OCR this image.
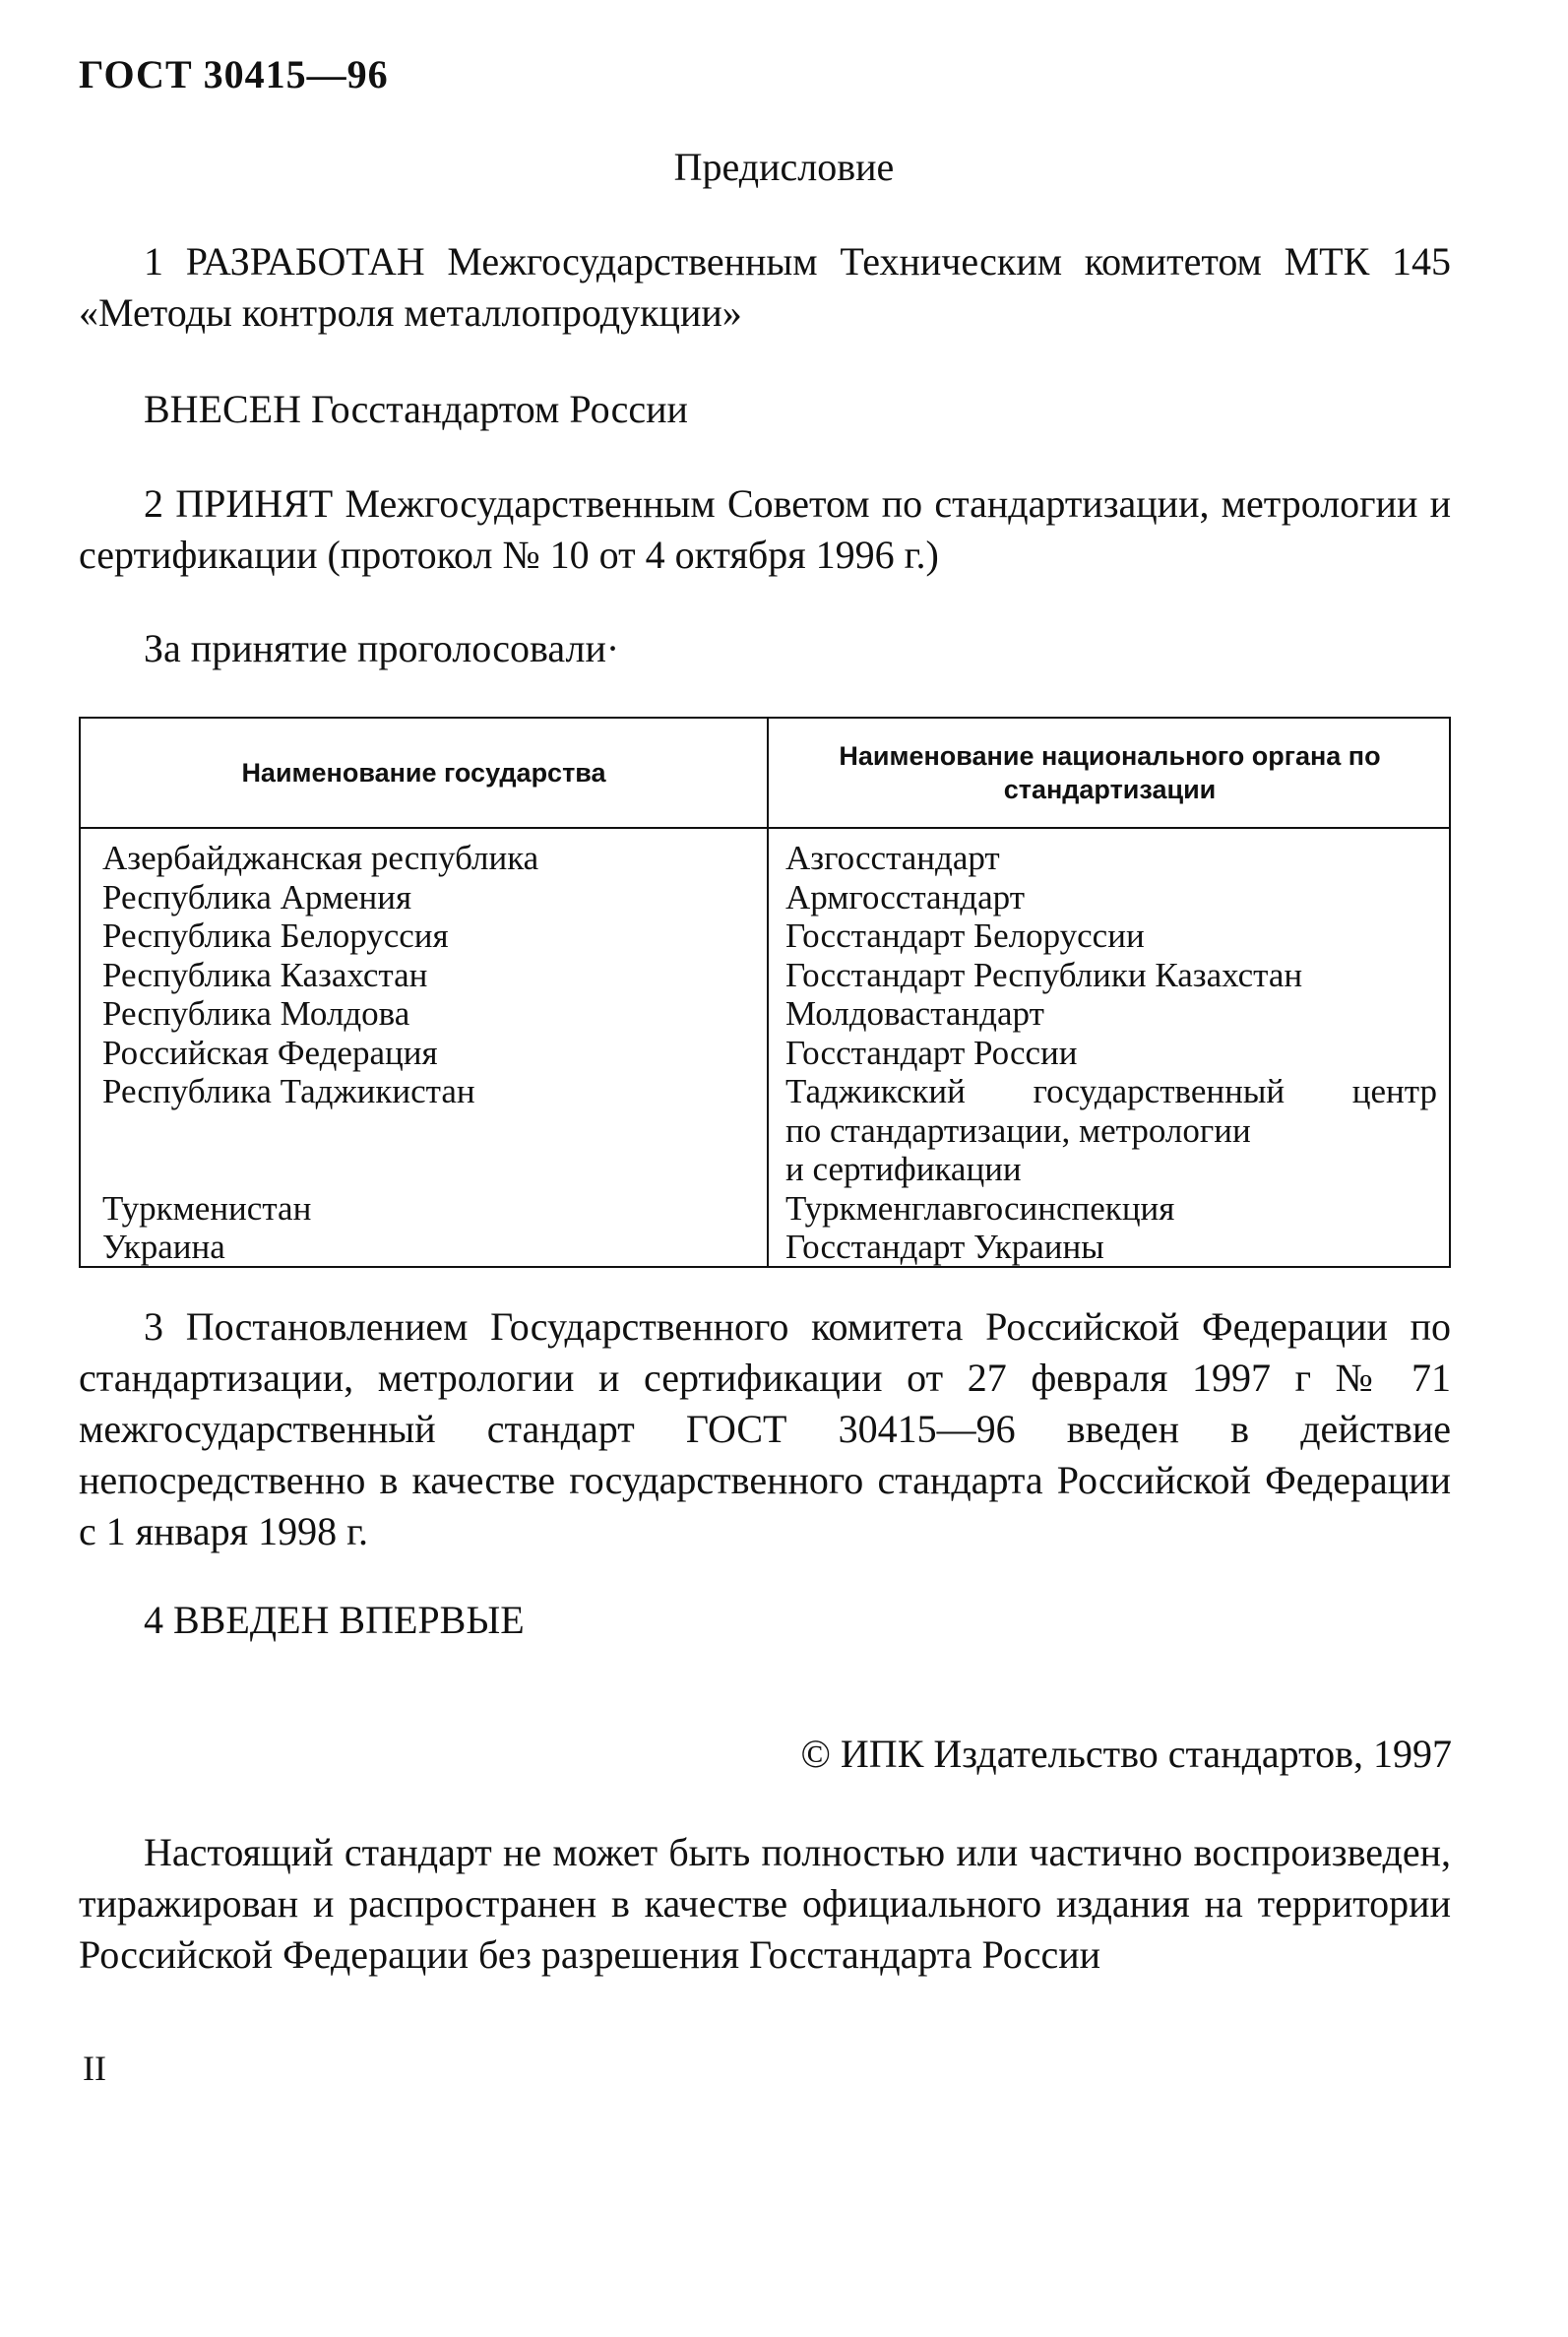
ГОСТ 30415—96
Предисловие

1 РАЗРАБОТАН Межгосударственным Техническим комитетом МТК 145 «Методы контроля металлопродукции»

ВНЕСЕН Госстандартом России

2 ПРИНЯТ Межгосударственным Советом по стандартизации, метрологии и сертификации (протокол № 10 от 4 октября 1996 г.)

За принятие проголосовали·

Наименование государства
Наименование национального органа по стандартизации
Азербайджанская республика
Республика Армения
Республика Белоруссия
Республика Казахстан
Республика Молдова
Российская Федерация
Республика Таджикистан

Туркменистан
Украина
Азгосстандарт
Армгосстандарт
Госстандарт Белоруссии
Госстандарт Республики Казахстан
Молдовастандарт
Госстандарт России
Таджикский государственный центр
по стандартизации, метрологии
и сертификации
Туркменглавгосинспекция
Госстандарт Украины

3 Постановлением Государственного комитета Российской Федерации по стандартизации, метрологии и сертификации от 27 февраля 1997 г № 71 межгосударственный стандарт ГОСТ 30415—96 введен в действие непосредственно в качестве государственного стандарта Российской Федерации с 1 января 1998 г.

4 ВВЕДЕН ВПЕРВЫЕ

© ИПК Издательство стандартов, 1997

Настоящий стандарт не может быть полностью или частично воспроизведен, тиражирован и распространен в качестве официального издания на территории Российской Федерации без разрешения Госстандарта России

II
